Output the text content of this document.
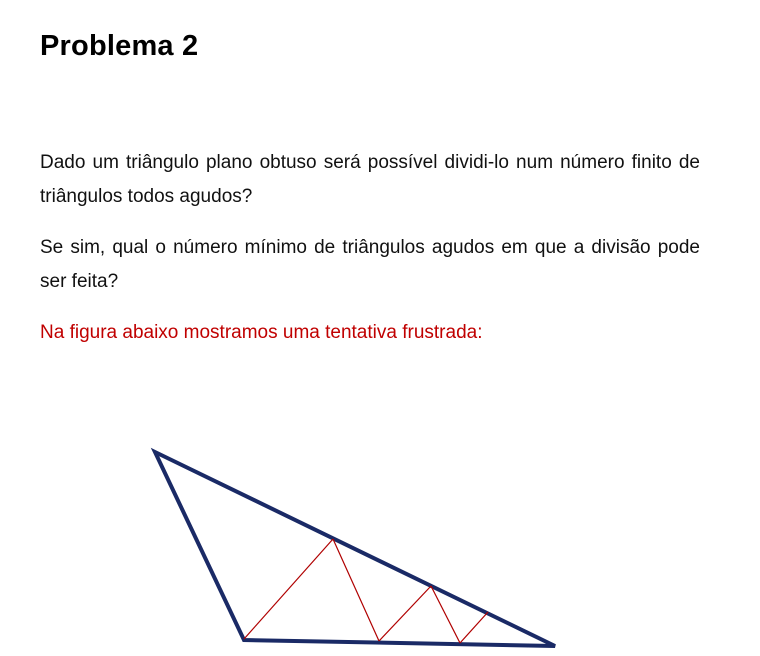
Problema 2

Dado um triângulo plano obtuso será possível dividi-lo num número finito de triângulos todos agudos?

Se sim, qual o número mínimo de triângulos agudos em que a divisão pode ser feita?

Na figura abaixo mostramos uma tentativa frustrada:
